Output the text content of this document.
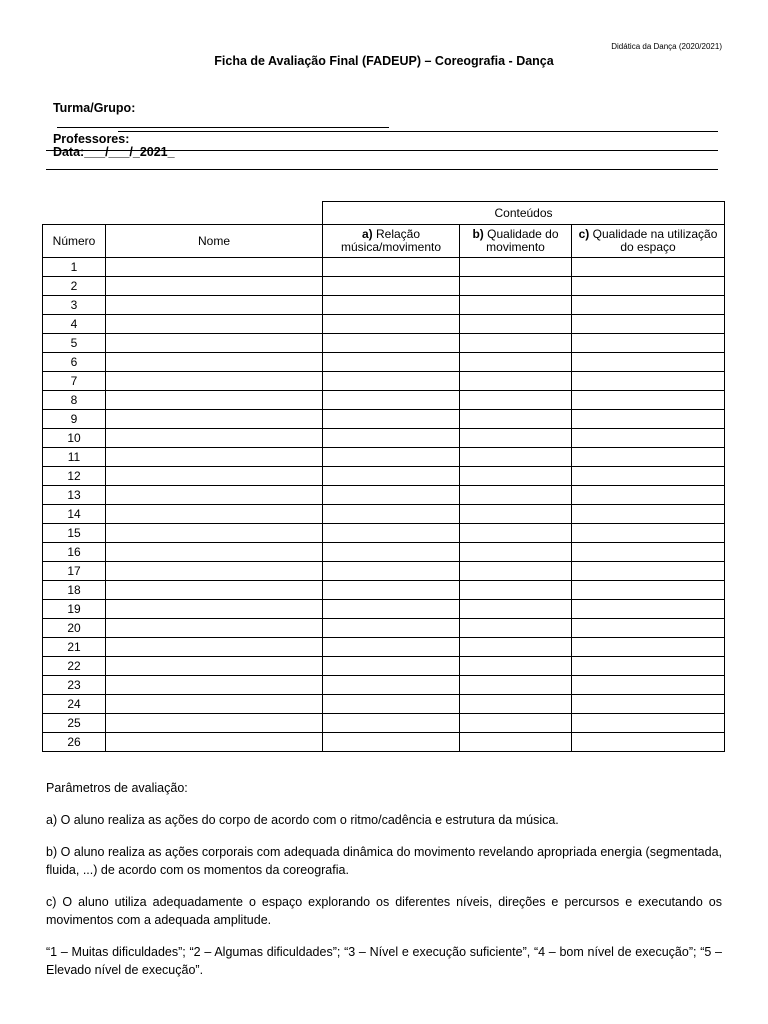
Didática da Dança (2020/2021)
Ficha de Avaliação Final (FADEUP) – Coreografia - Dança

Turma/Grupo:

Data:___/___/_2021_

Professores:

		Conteúdos		
Número	Nome	a) Relação música/movimento	b) Qualidade do movimento	c) Qualidade na utilização do espaço
1				
2				
3				
4				
5				
6				
7				
8				
9				
10				
11				
12				
13				
14				
15				
16				
17				
18				
19				
20				
21				
22				
23				
24				
25				
26				

Parâmetros de avaliação:

a) O aluno realiza as ações do corpo de acordo com o ritmo/cadência e estrutura da música.

b) O aluno realiza as ações corporais com adequada dinâmica do movimento revelando apropriada energia (segmentada, fluida, ...) de acordo com os momentos da coreografia.

c) O aluno utiliza adequadamente o espaço explorando os diferentes níveis, direções e percursos e executando os movimentos com a adequada amplitude.

“1 – Muitas dificuldades”; “2 – Algumas dificuldades”; “3 – Nível e execução suficiente”, “4 – bom nível de execução”; “5 – Elevado nível de execução”.
